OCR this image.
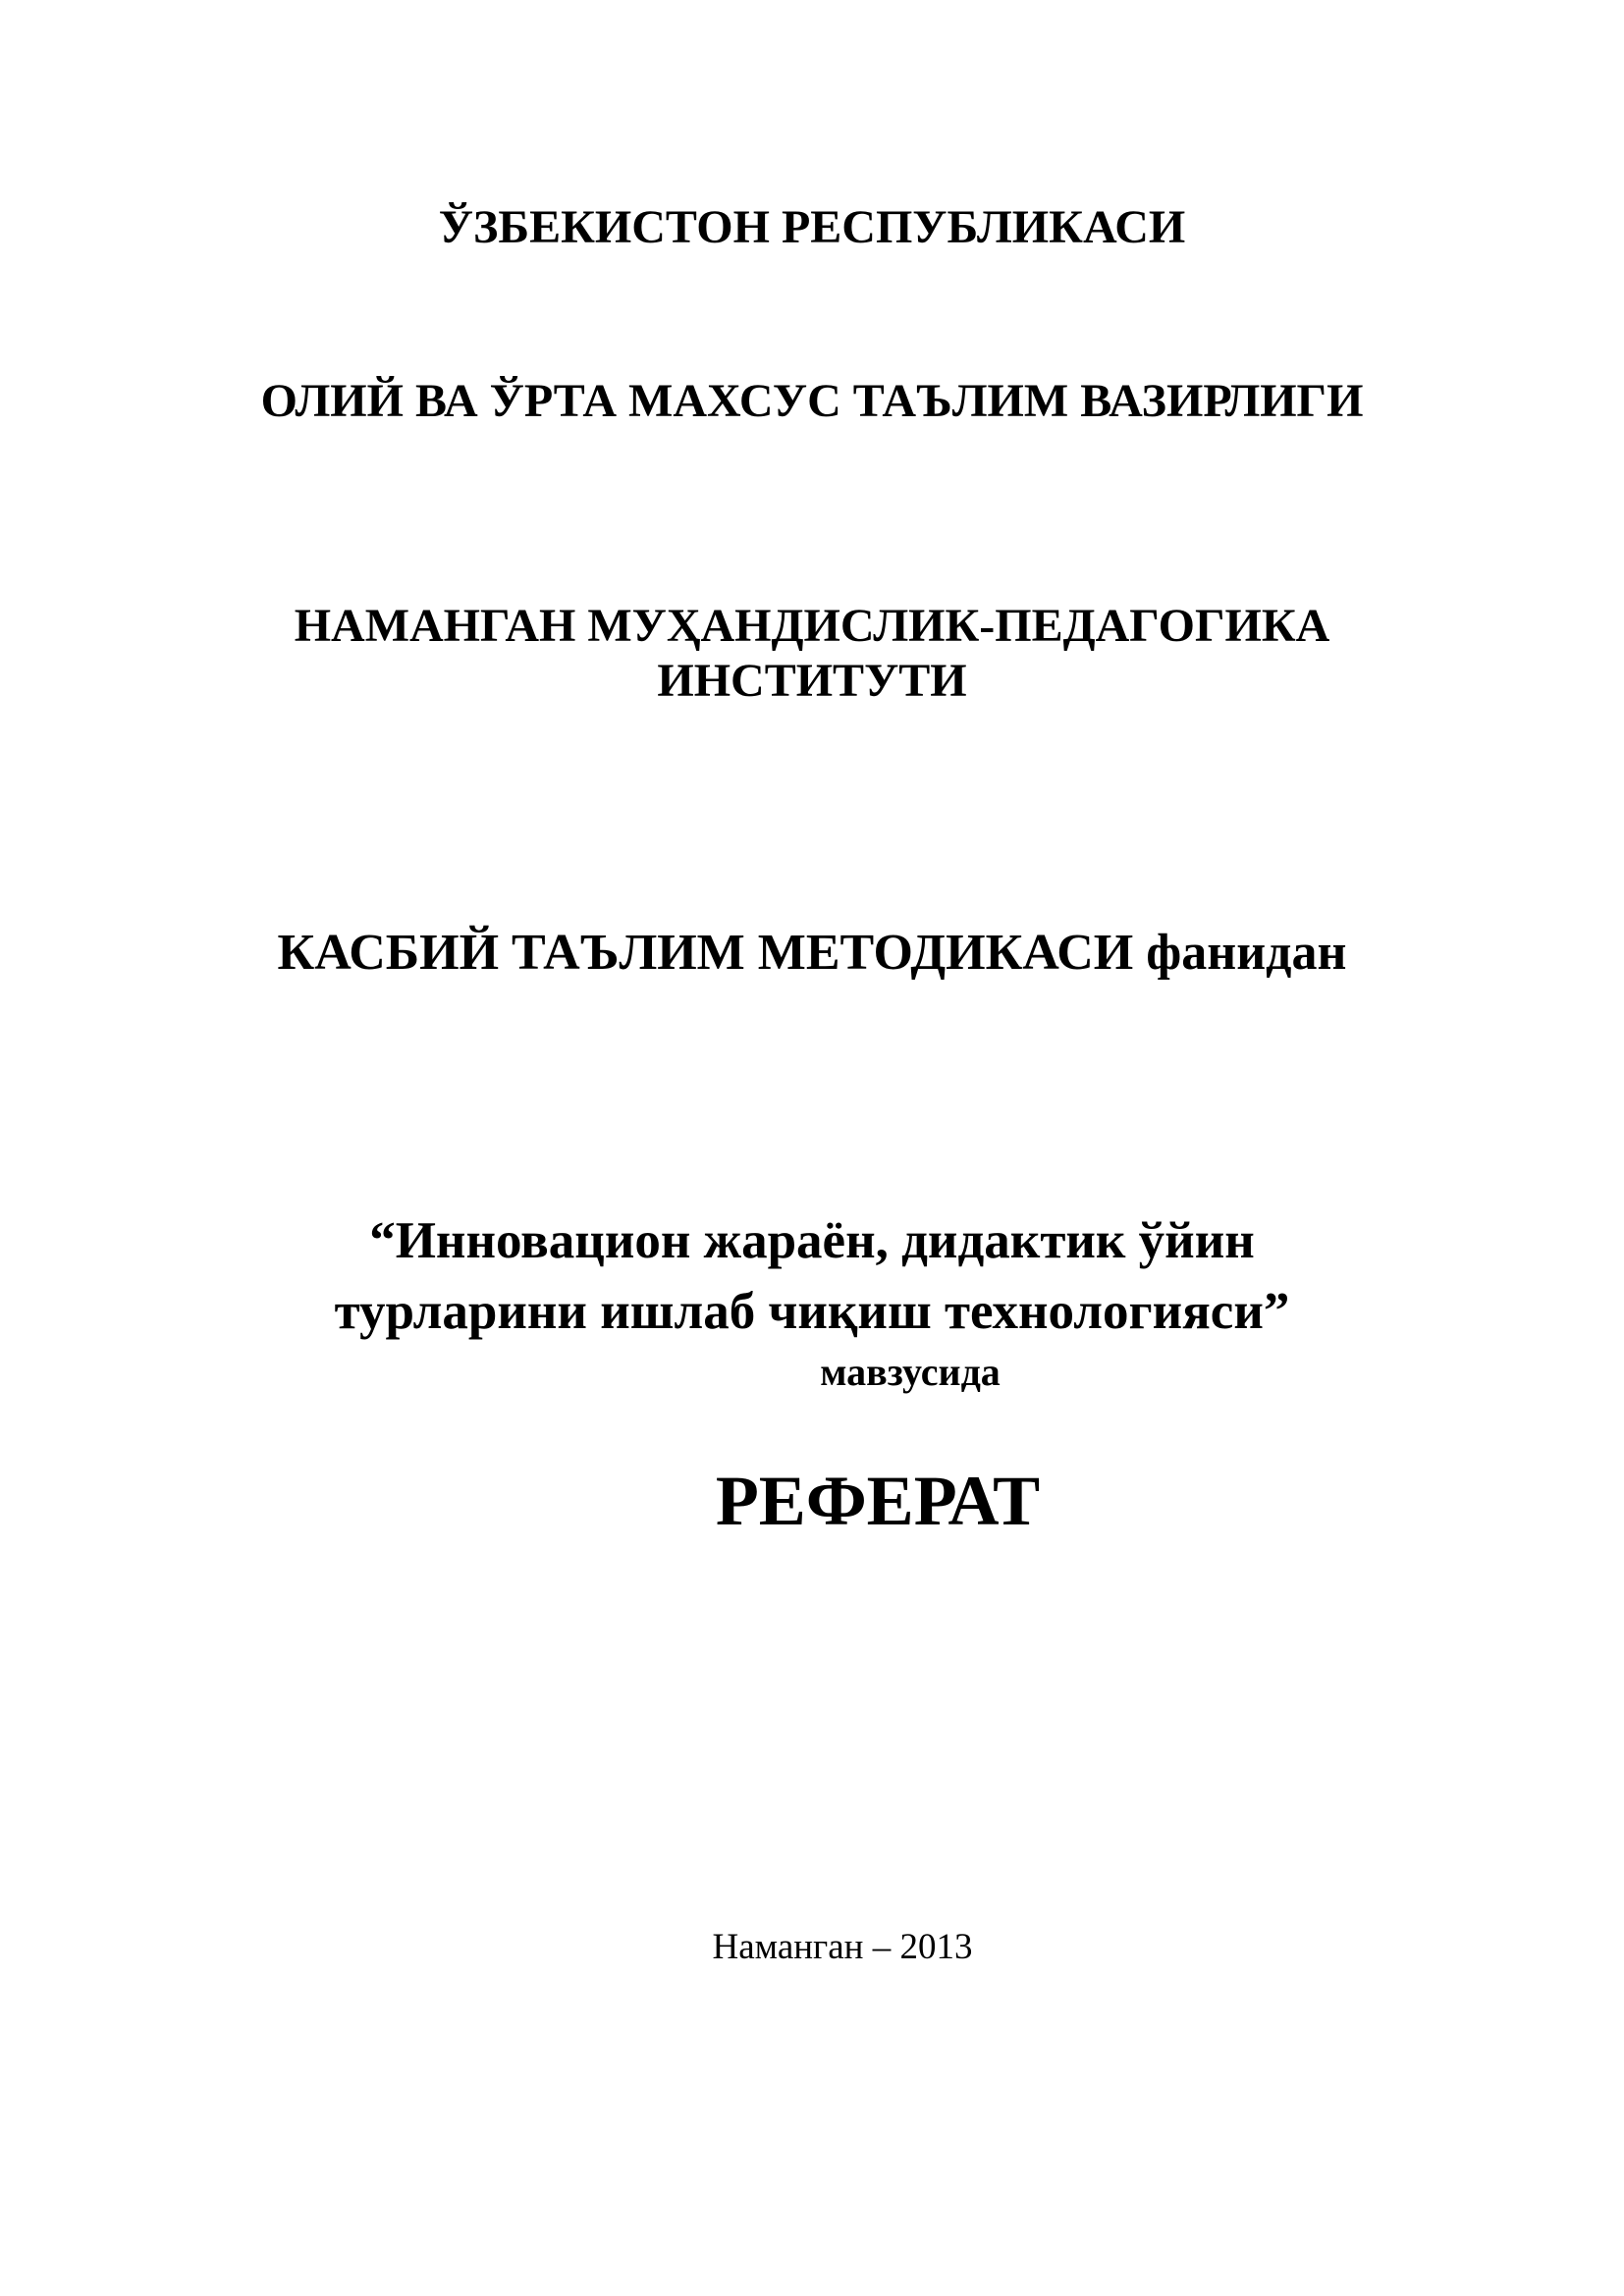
ЎЗБЕКИСТОН РЕСПУБЛИКАСИ
ОЛИЙ ВА ЎРТА МАХСУС ТАЪЛИМ ВАЗИРЛИГИ
НАМАНГАН МУҲАНДИСЛИК-ПЕДАГОГИКА
ИНСТИТУТИ
КАСБИЙ ТАЪЛИМ МЕТОДИКАСИ фанидан
“Инновацион жараён, дидактик ўйин
турларини ишлаб чиқиш технологияси”
мавзусида
РЕФЕРАТ
Наманган – 2013
